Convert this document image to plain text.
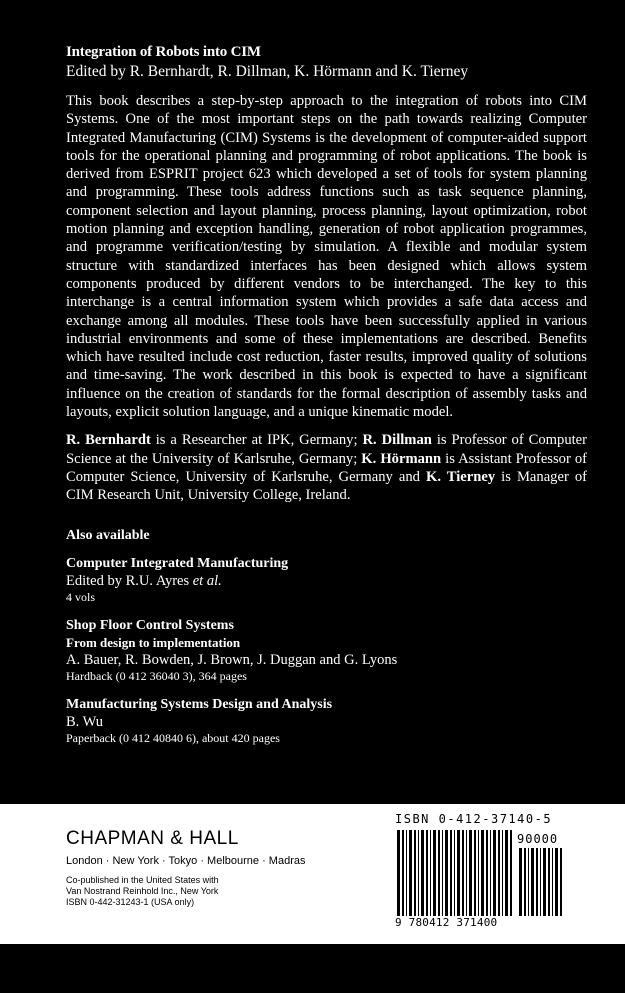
Integration of Robots into CIM
Edited by R. Bernhardt, R. Dillman, K. Hörmann and K. Tierney

This book describes a step-by-step approach to the integration of robots into CIM Systems. One of the most important steps on the path towards realizing Computer Integrated Manufacturing (CIM) Systems is the development of computer-aided support tools for the operational planning and programming of robot applications. The book is derived from ESPRIT project 623 which developed a set of tools for system planning and programming. These tools address functions such as task sequence planning, component selection and layout planning, process planning, layout optimization, robot motion planning and exception handling, generation of robot application programmes, and programme verification/testing by simulation. A flexible and modular system structure with standardized interfaces has been designed which allows system components produced by different vendors to be interchanged. The key to this interchange is a central information system which provides a safe data access and exchange among all modules. These tools have been successfully applied in various industrial environments and some of these implementations are described. Benefits which have resulted include cost reduction, faster results, improved quality of solutions and time-saving. The work described in this book is expected to have a significant influence on the creation of standards for the formal description of assembly tasks and layouts, explicit solution language, and a unique kinematic model.

R. Bernhardt is a Researcher at IPK, Germany; R. Dillman is Professor of Computer Science at the University of Karlsruhe, Germany; K. Hörmann is Assistant Professor of Computer Science, University of Karlsruhe, Germany and K. Tierney is Manager of CIM Research Unit, University College, Ireland.

Also available
Computer Integrated Manufacturing
Edited by R.U. Ayres et al.
4 vols
Shop Floor Control Systems
From design to implementation
A. Bauer, R. Bowden, J. Brown, J. Duggan and G. Lyons
Hardback (0 412 36040 3), 364 pages
Manufacturing Systems Design and Analysis
B. Wu
Paperback (0 412 40840 6), about 420 pages
CHAPMAN & HALL
London · New York · Tokyo · Melbourne · Madras
Co-published in the United States with
Van Nostrand Reinhold Inc., New York
ISBN 0-442-31243-1 (USA only)
ISBN 0-412-37140-5
90000
9 780412 371400
